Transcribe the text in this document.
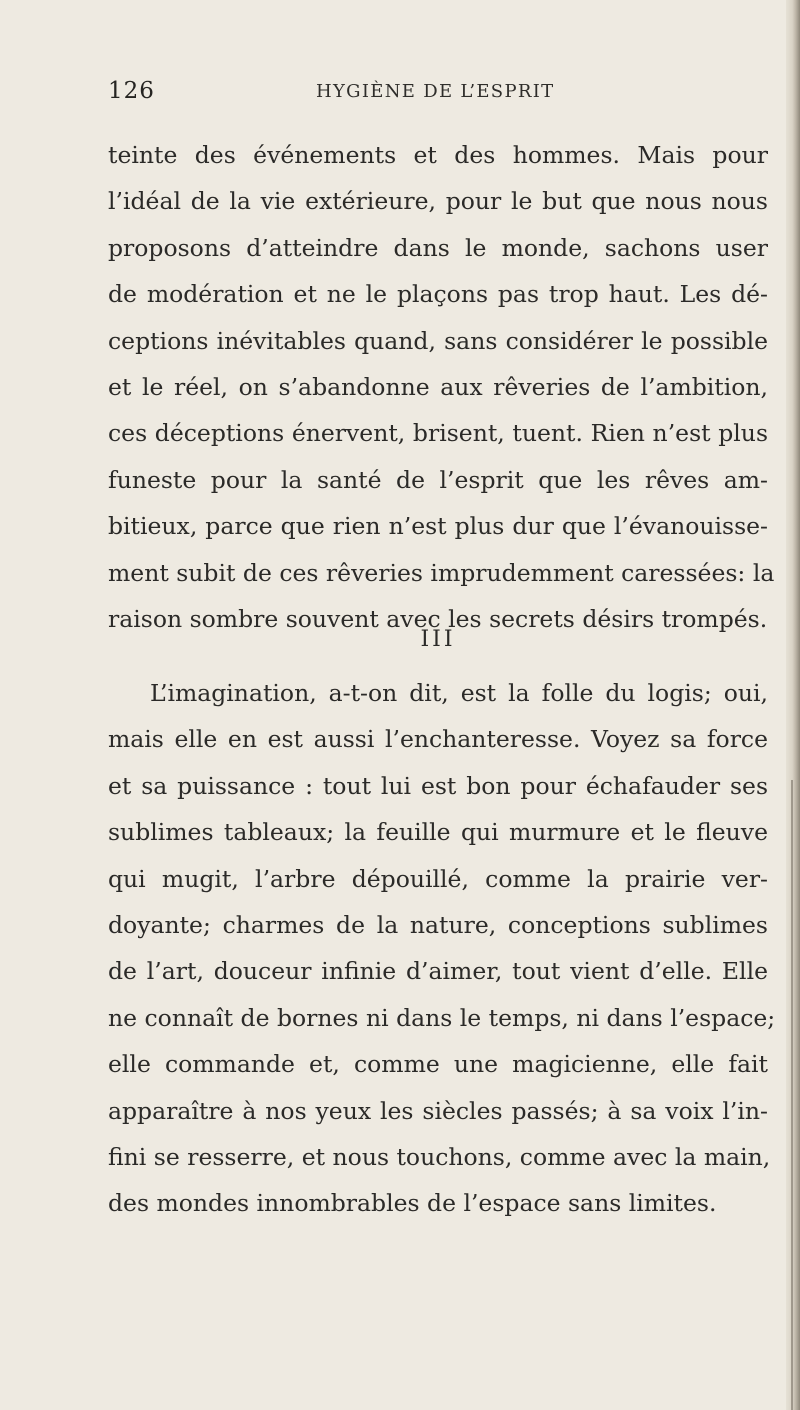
126	HYGIÈNE DE L’ESPRIT
teinte des événements et des hommes. Mais pour
l’idéal de la vie extérieure, pour le but que nous nous
proposons d’atteindre dans le monde, sachons user
de modération et ne le plaçons pas trop haut. Les dé-
ceptions inévitables quand, sans considérer le possible
et le réel, on s’abandonne aux rêveries de l’ambition,
ces déceptions énervent, brisent, tuent. Rien n’est plus
funeste pour la santé de l’esprit que les rêves am-
bitieux, parce que rien n’est plus dur que l’évanouisse-
ment subit de ces rêveries imprudemment caressées: la
raison sombre souvent avec les secrets désirs trompés.
III
L’imagination, a-t-on dit, est la folle du logis; oui,
mais elle en est aussi l’enchanteresse. Voyez sa force
et sa puissance : tout lui est bon pour échafauder ses
sublimes tableaux; la feuille qui murmure et le fleuve
qui mugit, l’arbre dépouillé, comme la prairie ver-
doyante; charmes de la nature, conceptions sublimes
de l’art, douceur infinie d’aimer, tout vient d’elle. Elle
ne connaît de bornes ni dans le temps, ni dans l’espace;
elle commande et, comme une magicienne, elle fait
apparaître à nos yeux les siècles passés; à sa voix l’in-
fini se resserre, et nous touchons, comme avec la main,
des mondes innombrables de l’espace sans limites.
